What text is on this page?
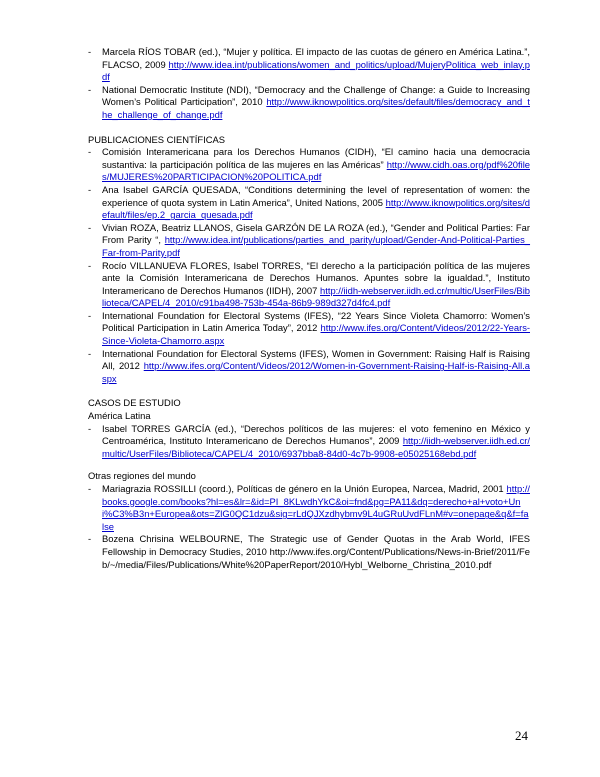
- Marcela RÍOS TOBAR (ed.), “Mujer y política. El impacto de las cuotas de género en América Latina.”, FLACSO, 2009 http://www.idea.int/publications/women_and_politics/upload/MujeryPolitica_web_inlay.pdf

- National Democratic Institute (NDI), “Democracy and the Challenge of Change: a Guide to Increasing Women’s Political Participation”, 2010 http://www.iknowpolitics.org/sites/default/files/democracy_and_the_challenge_of_change.pdf

PUBLICACIONES CIENTÍFICAS

- Comisión Interamericana para los Derechos Humanos (CIDH), “El camino hacia una democracia sustantiva: la participación política de las mujeres en las Américas” http://www.cidh.oas.org/pdf%20files/MUJERES%20PARTICIPACION%20POLITICA.pdf

- Ana Isabel GARCÍA QUESADA, “Conditions determining the level of representation of women: the experience of quota system in Latin America”, United Nations, 2005 http://www.iknowpolitics.org/sites/default/files/ep.2_garcia_quesada.pdf

- Vivian ROZA, Beatriz LLANOS, Gisela GARZÓN DE LA ROZA (ed.), “Gender and Political Parties: Far From Parity “, http://www.idea.int/publications/parties_and_parity/upload/Gender-And-Political-Parties_Far-from-Parity.pdf

- Rocío VILLANUEVA FLORES, Isabel TORRES, “El derecho a la participación política de las mujeres ante la Comisión Interamericana de Derechos Humanos. Apuntes sobre la igualdad.”, Instituto Interamericano de Derechos Humanos (IIDH), 2007 http://iidh-webserver.iidh.ed.cr/multic/UserFiles/Biblioteca/CAPEL/4_2010/c91ba498-753b-454a-86b9-989d327d4fc4.pdf

- International Foundation for Electoral Systems (IFES), “22 Years Since Violeta Chamorro: Women’s Political Participation in Latin America Today”, 2012 http://www.ifes.org/Content/Videos/2012/22-Years-Since-Violeta-Chamorro.aspx

- International Foundation for Electoral Systems (IFES), Women in Government: Raising Half is Raising All, 2012 http://www.ifes.org/Content/Videos/2012/Women-in-Government-Raising-Half-is-Raising-All.aspx

CASOS DE ESTUDIO

América Latina

- Isabel TORRES GARCÍA (ed.), “Derechos políticos de las mujeres: el voto femenino en México y Centroamérica, Instituto Interamericano de Derechos Humanos”, 2009 http://iidh-webserver.iidh.ed.cr/multic/UserFiles/Biblioteca/CAPEL/4_2010/6937bba8-84d0-4c7b-9908-e05025168ebd.pdf

Otras regiones del mundo

- Mariagrazia ROSSILLI (coord.), Políticas de género en la Unión Europea, Narcea, Madrid, 2001 http://books.google.com/books?hl=es&lr=&id=PI_8KLwdhYkC&oi=fnd&pg=PA11&dq=derecho+al+voto+Uni%C3%B3n+Europea&ots=ZlG0QC1dzu&sig=rLdQJXzdhybmv9L4uGRuUvdFLnM#v=onepage&q&f=false

- Bozena Chrisina WELBOURNE, The Strategic use of Gender Quotas in the Arab World, IFES Fellowship in Democracy Studies, 2010 http://www.ifes.org/Content/Publications/News-in-Brief/2011/Feb/~/media/Files/Publications/White%20PaperReport/2010/Hybl_Welborne_Christina_2010.pdf

24
